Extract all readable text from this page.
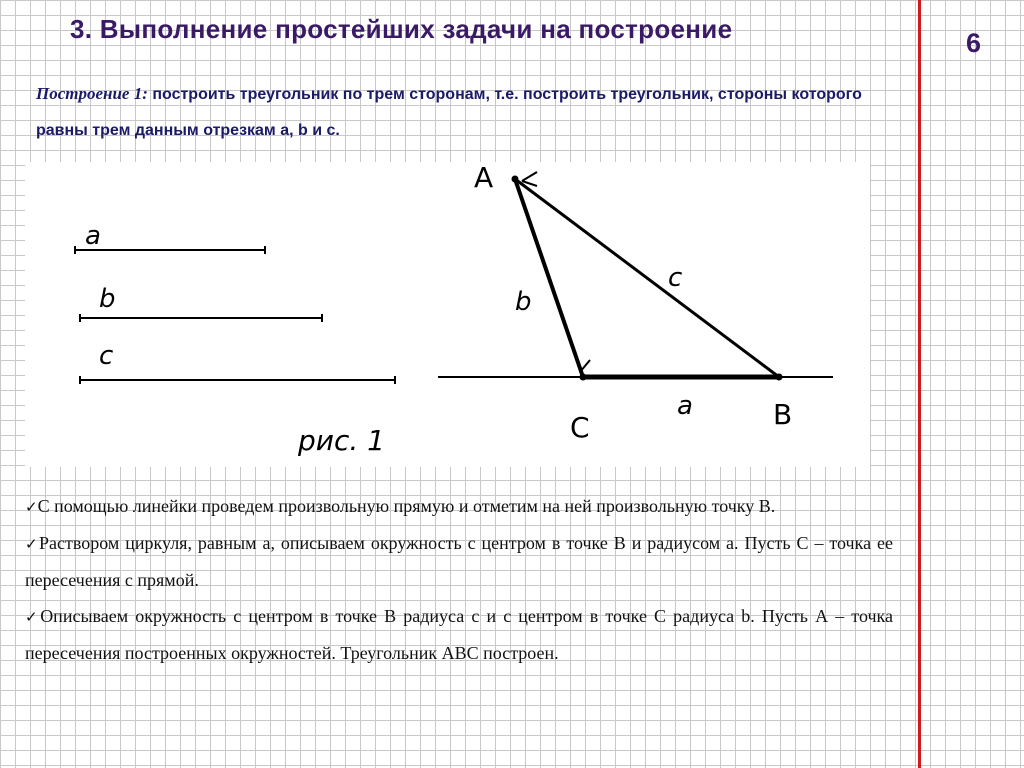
3. Выполнение простейших задачи на построение	6
Построение 1: построить треугольник по трем сторонам, т.е. построить треугольник, стороны которого равны трем данным отрезкам a, b и c.
a
b
c
A
B
C
b
c
a
рис. 1

✓С помощью линейки проведем произвольную прямую и отметим на ней произвольную точку В.

✓Раствором циркуля, равным а, описываем окружность с центром в точке В и радиусом а. Пусть С – точка ее пересечения с прямой.

✓Описываем окружность с центром в точке В радиуса с и с центром в точке С радиуса b. Пусть А – точка пересечения построенных окружностей. Треугольник АВС построен.
